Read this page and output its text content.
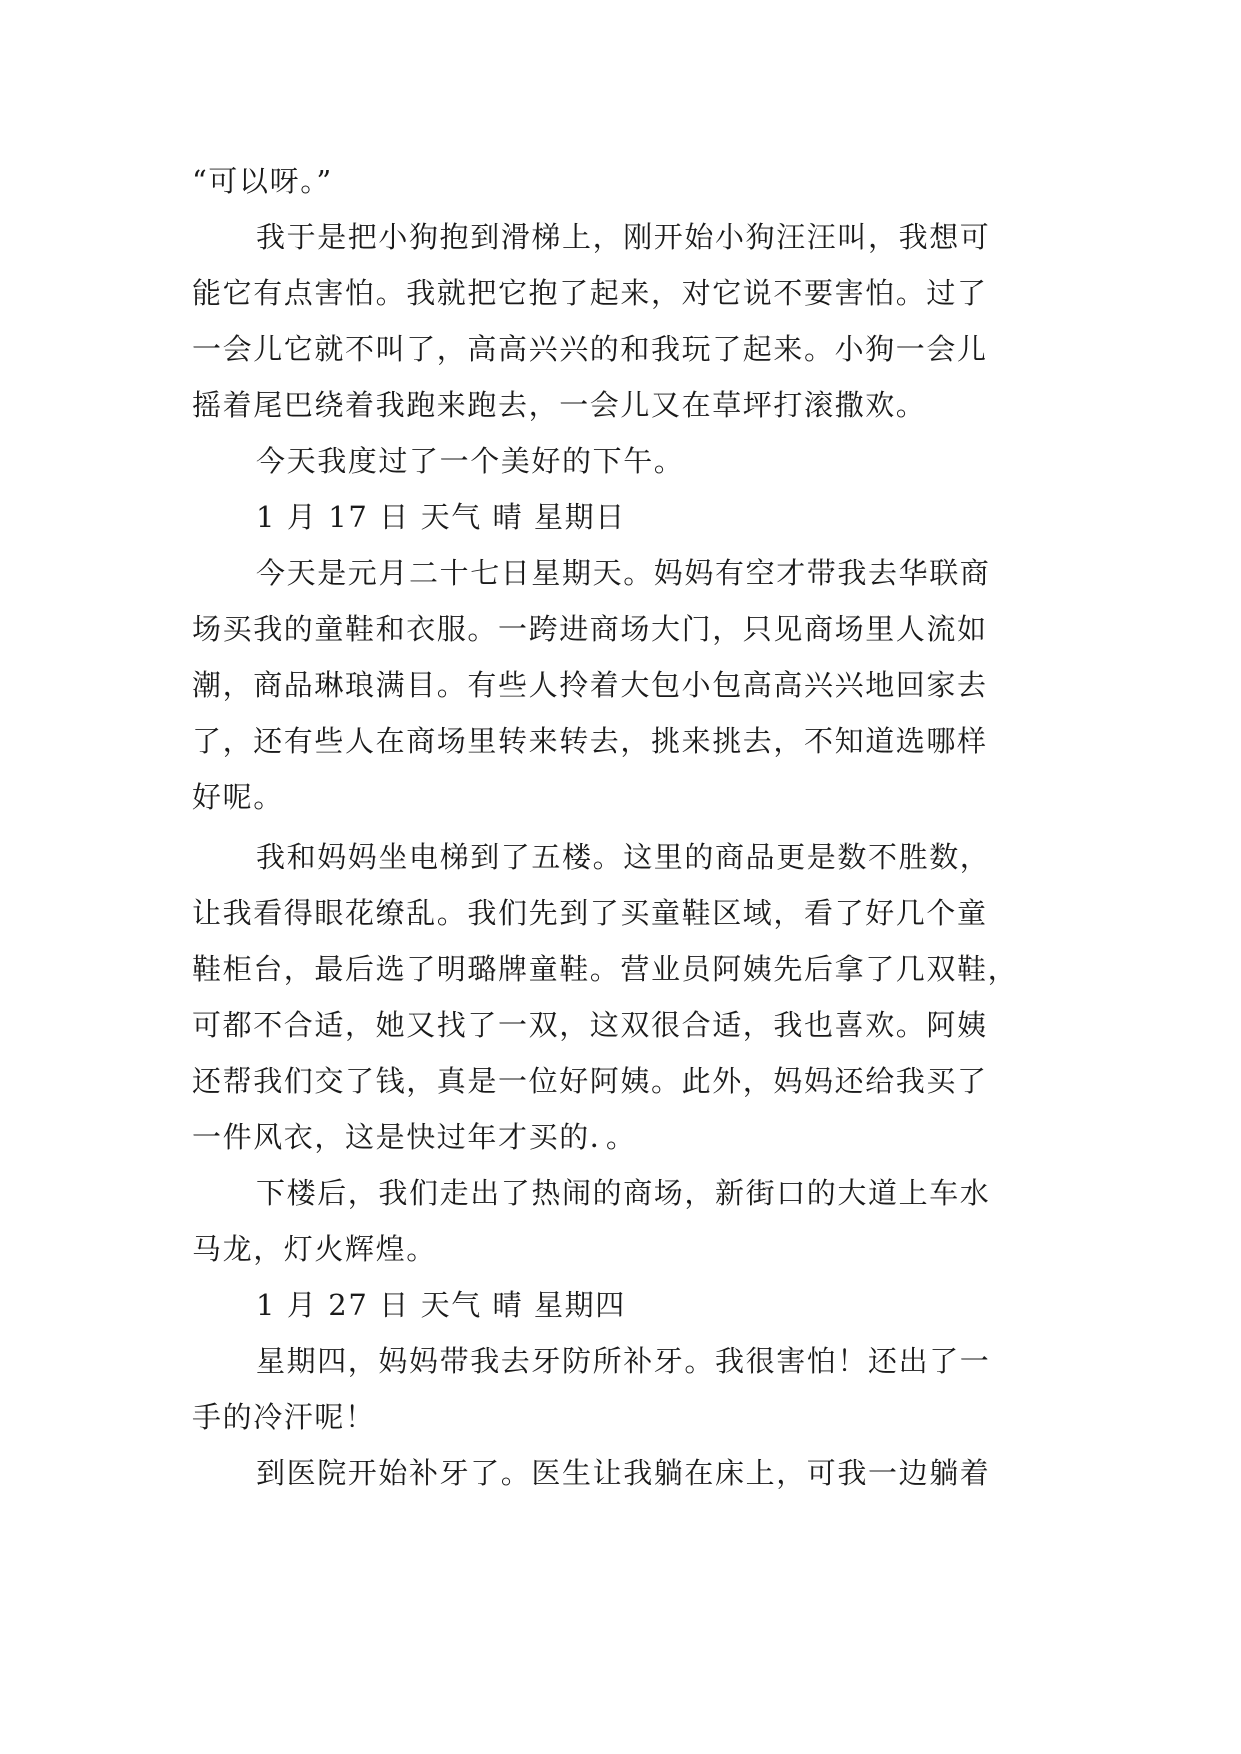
“可以呀。”
我于是把小狗抱到滑梯上，刚开始小狗汪汪叫，我想可
能它有点害怕。我就把它抱了起来，对它说不要害怕。过了
一会儿它就不叫了，高高兴兴的和我玩了起来。小狗一会儿
摇着尾巴绕着我跑来跑去，一会儿又在草坪打滚撒欢。
今天我度过了一个美好的下午。
1 月 17 日 天气 晴 星期日
今天是元月二十七日星期天。妈妈有空才带我去华联商
场买我的童鞋和衣服。一跨进商场大门，只见商场里人流如
潮，商品琳琅满目。有些人拎着大包小包高高兴兴地回家去
了，还有些人在商场里转来转去，挑来挑去，不知道选哪样
好呢。
我和妈妈坐电梯到了五楼。这里的商品更是数不胜数，
让我看得眼花缭乱。我们先到了买童鞋区域，看了好几个童
鞋柜台，最后选了明璐牌童鞋。营业员阿姨先后拿了几双鞋，
可都不合适，她又找了一双，这双很合适，我也喜欢。阿姨
还帮我们交了钱，真是一位好阿姨。此外，妈妈还给我买了
一件风衣，这是快过年才买的．。
下楼后，我们走出了热闹的商场，新街口的大道上车水
马龙，灯火辉煌。
1 月 27 日 天气 晴 星期四
星期四，妈妈带我去牙防所补牙。我很害怕！还出了一
手的冷汗呢！
到医院开始补牙了。医生让我躺在床上，可我一边躺着
